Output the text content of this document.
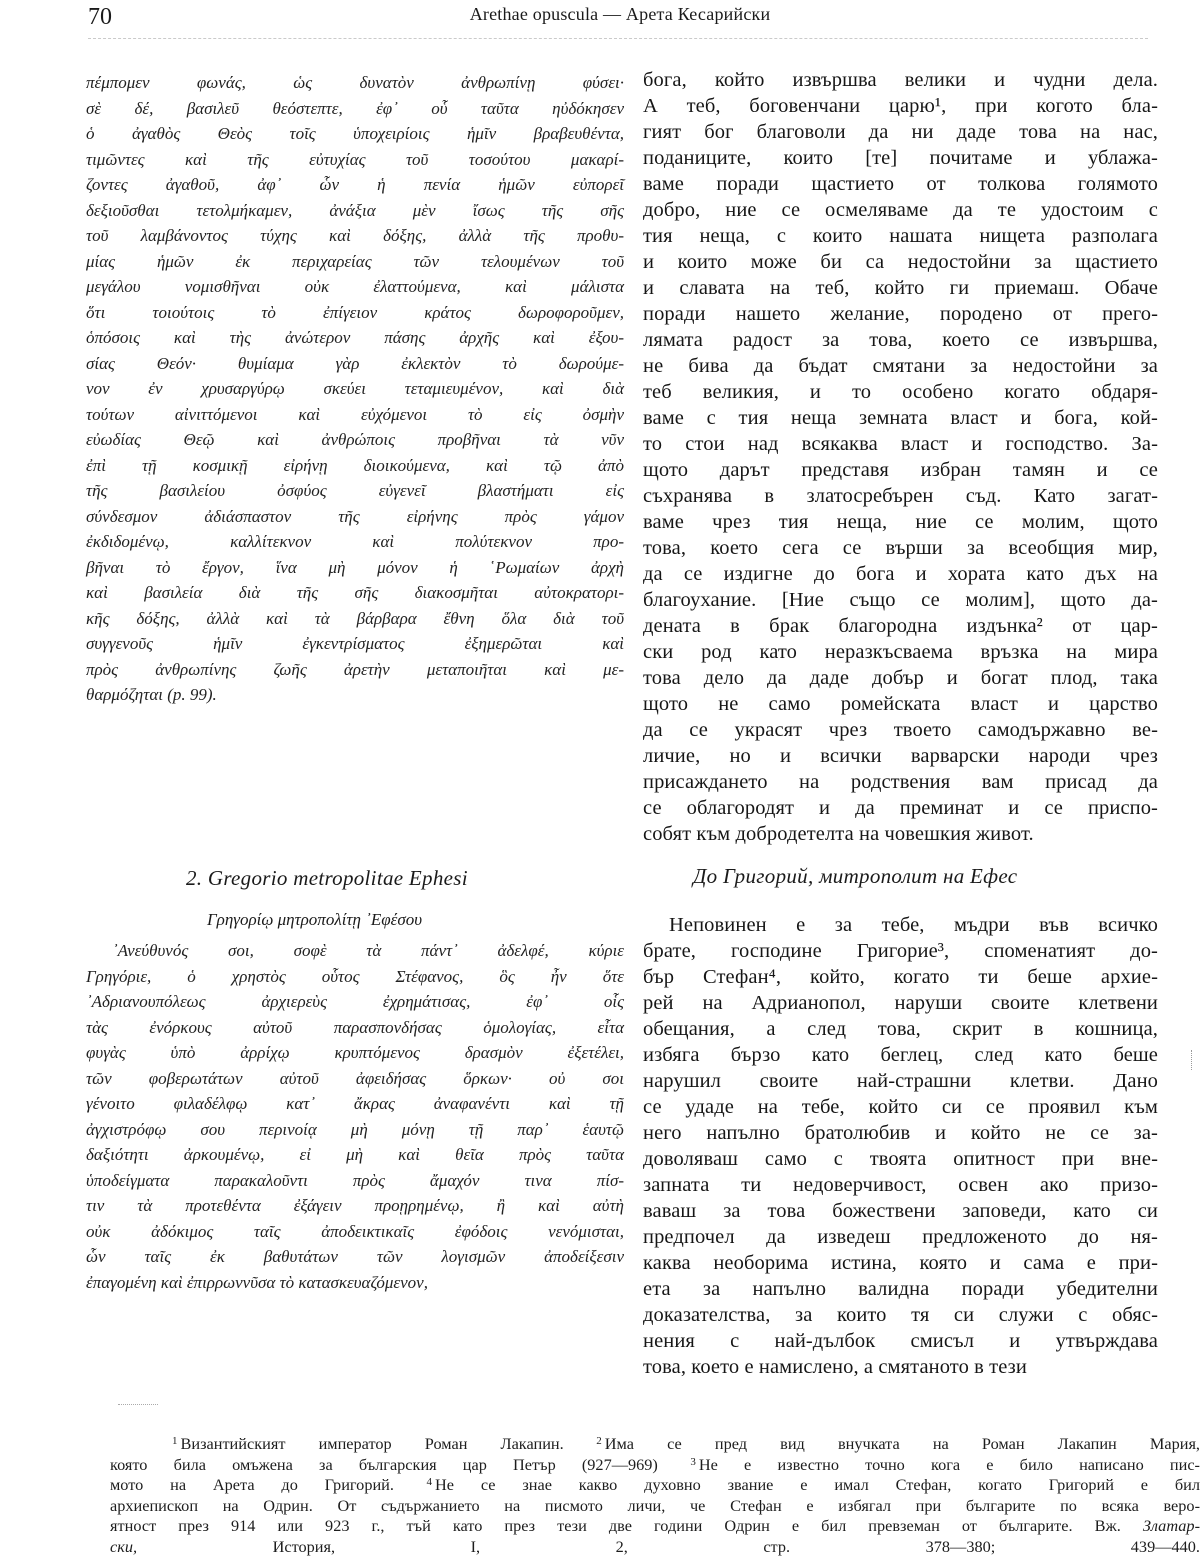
70	Arethae opuscula — Арета Кесарийски
πέμπομεν φωνάς, ὡς δυνατὸν ἀνθρωπίνῃ φύσει·
σὲ δέ, βασιλεῦ θεόστεπτε, ἐφ᾽ οὗ ταῦτα ηὐδόκησεν
ὁ ἀγαθὸς Θεὸς τοῖς ὑποχειρίοις ἡμῖν βραβευθέντα,
τιμῶντες καὶ τῆς εὐτυχίας τοῦ τοσούτου μακαρί-
ζοντες ἀγαθοῦ, ἀφ᾽ ὧν ἡ πενία ἡμῶν εὐπορεῖ
δεξιοῦσθαι τετολμήκαμεν, ἀνάξια μὲν ἴσως τῆς σῆς
τοῦ λαμβάνοντος τύχης καὶ δόξης, ἀλλὰ τῆς προθυ-
μίας ἡμῶν ἐκ περιχαρείας τῶν τελουμένων τοῦ
μεγάλου νομισθῆναι οὐκ ἐλαττούμενα, καὶ μάλιστα
ὅτι τοιούτοις τὸ ἐπίγειον κράτος δωροφοροῦμεν,
ὁπόσοις καὶ τὴς ἀνώτερον πάσης ἀρχῆς καὶ ἐξου-
σίας Θεόν· θυμίαμα γὰρ ἐκλεκτὸν τὸ δωρούμε-
νον ἐν χρυσαργύρῳ σκεύει τεταμιευμένον, καὶ διὰ
τούτων αἰνιττόμενοι καὶ εὐχόμενοι τὸ εἰς ὀσμὴν
εὐωδίας Θεῷ καὶ ἀνθρώποις προβῆναι τὰ νῦν
ἐπὶ τῇ κοσμικῇ εἰρήνῃ διοικούμενα, καὶ τῷ ἀπὸ
τῆς βασιλείου ὀσφύος εὐγενεῖ βλαστήματι εἰς
σύνδεσμον ἀδιάσπαστον τῆς εἰρήνης πρὸς γάμον
ἐκδιδομένῳ, καλλίτεκνον καὶ πολύτεκνον προ-
βῆναι τὸ ἔργον, ἵνα μὴ μόνον ἡ ῾Ρωμαίων ἀρχὴ
καὶ βασιλεία διὰ τῆς σῆς διακοσμῆται αὐτοκρατορι-
κῆς δόξης, ἀλλὰ καὶ τὰ βάρβαρα ἔθνη ὅλα διὰ τοῦ
συγγενοῦς ἡμῖν ἐγκεντρίσματος ἐξημερῶται καὶ
πρὸς ἀνθρωπίνης ζωῆς ἀρετὴν μεταποιῆται καὶ με-
θαρμόζηται (p. 99).
бога, който извършва велики и чудни дела.
А теб, боговенчани царю¹, при когото бла-
гият бог благоволи да ни даде това на нас,
поданиците, които [те] почитаме и ублажа-
ваме поради щастието от толкова голямото
добро, ние се осмеляваме да те удостоим с
тия неща, с които нашата нищета разполага
и които може би са недостойни за щастието
и славата на теб, който ги приемаш. Обаче
поради нашето желание, породено от прего-
лямата радост за това, което се извършва,
не бива да бъдат смятани за недостойни за
теб великия, и то особено когато обдаря-
ваме с тия неща земната власт и бога, кой-
то стои над всякаква власт и господство. За-
щото дарът представя избран тамян и се
съхранява в златосребърен съд. Като загат-
ваме чрез тия неща, ние се молим, щото
това, което сега се върши за всеобщия мир,
да се издигне до бога и хората като дъх на
благоухание. [Ние също се молим], щото да-
дената в брак благородна издънка² от цар-
ски род като неразкъсваема връзка на мира
това дело да даде добър и богат плод, така
щото не само ромейската власт и царство
да се украсят чрез твоето самодържавно ве-
личие, но и всички варварски народи чрез
присаждането на родствения вам присад да
се облагородят и да преминат и се приспо-
собят към добродетелта на човешкия живот.
2. Gregorio metropolitae Ephesi	До Григорий, митрополит на Ефес
Γρηγορίῳ μητροπολίτῃ ᾽Εφέσου
᾽Ανεύθυνός σοι, σοφὲ τὰ πάντ᾽ ἀδελφέ, κύριε
Γρηγόριε, ὁ χρηστὸς οὗτος Στέφανος, ὃς ἦν ὅτε
᾽Αδριανουπόλεως ἀρχιερεὺς ἐχρημάτισας, ἐφ᾽ οἷς
τὰς ἐνόρκους αὐτοῦ παρασπονδήσας ὁμολογίας, εἶτα
φυγὰς ὑπὸ ἀρρίχῳ κρυπτόμενος δρασμὸν ἐξετέλει,
τῶν φοβερωτάτων αὐτοῦ ἀφειδήσας ὅρκων· οὐ σοι
γένοιτο φιλαδέλφῳ κατ᾽ ἄκρας ἀναφανέντι καὶ τῇ
ἀγχιστρόφῳ σου περινοίᾳ μὴ μόνῃ τῇ παρ᾽ ἑαυτῷ
δαξιότητι ἀρκουμένῳ, εἰ μὴ καὶ θεῖα πρὸς ταῦτα
ὑποδείγματα παρακαλοῦντι πρὸς ἄμαχόν τινα πίσ-
τιν τὰ προτεθέντα ἐξάγειν προῃρημένῳ, ἢ καὶ αὐτὴ
οὐκ ἀδόκιμος ταῖς ἀποδεικτικαῖς ἐφόδοις νενόμισται,
ὧν ταῖς ἐκ βαθυτάτων τῶν λογισμῶν ἀποδείξεσιν
ἐπαγομένη καὶ ἐπιρρωννῦσα τὸ κατασκευαζόμενον,
Неповинен е за тебе, мъдри във всичко
брате, господине Григорие³, споменатият до-
бър Стефан⁴, който, когато ти беше архие-
рей на Адрианопол, наруши своите клетвени
обещания, а след това, скрит в кошница,
избяга бързо като беглец, след като беше
нарушил своите най-страшни клетви. Дано
се удаде на тебе, който си се проявил към
него напълно братолюбив и който не се за-
доволяваш само с твоята опитност при вне-
запната ти недоверчивост, освен ако призо-
ваваш за това божествени заповеди, като си
предпочел да изведеш предложеното до ня-
каква необорима истина, която и сама е при-
ета за напълно валидна поради убедителни
доказателства, за които тя си служи с обяс-
нения с най-дълбок смисъл и утвърждава
това, което е намислено, а смятаното в тези
$^1$ Византийският император Роман Лакапин.  	$^2$ Има се пред вид внучката на Роман Лакапин Мария,
която била омъжена за българския цар Петър (927—969)  	$^3$ Не е известно точно кога е било написано пис-
мото на Арета до Григорий.  	$^4$ Не се знае какво духовно звание е имал Стефан, когато Григорий е бил
архиепископ на Одрин. От съдържанието на писмото личи, че Стефан е избягал при българите по всяка веро-
ятност през 914 или 923 г., тъй като през тези две години Одрин е бил превземан от българите. Вж. Златар-
ски,	История, I, 2, стр. 378—380; 439—440.
